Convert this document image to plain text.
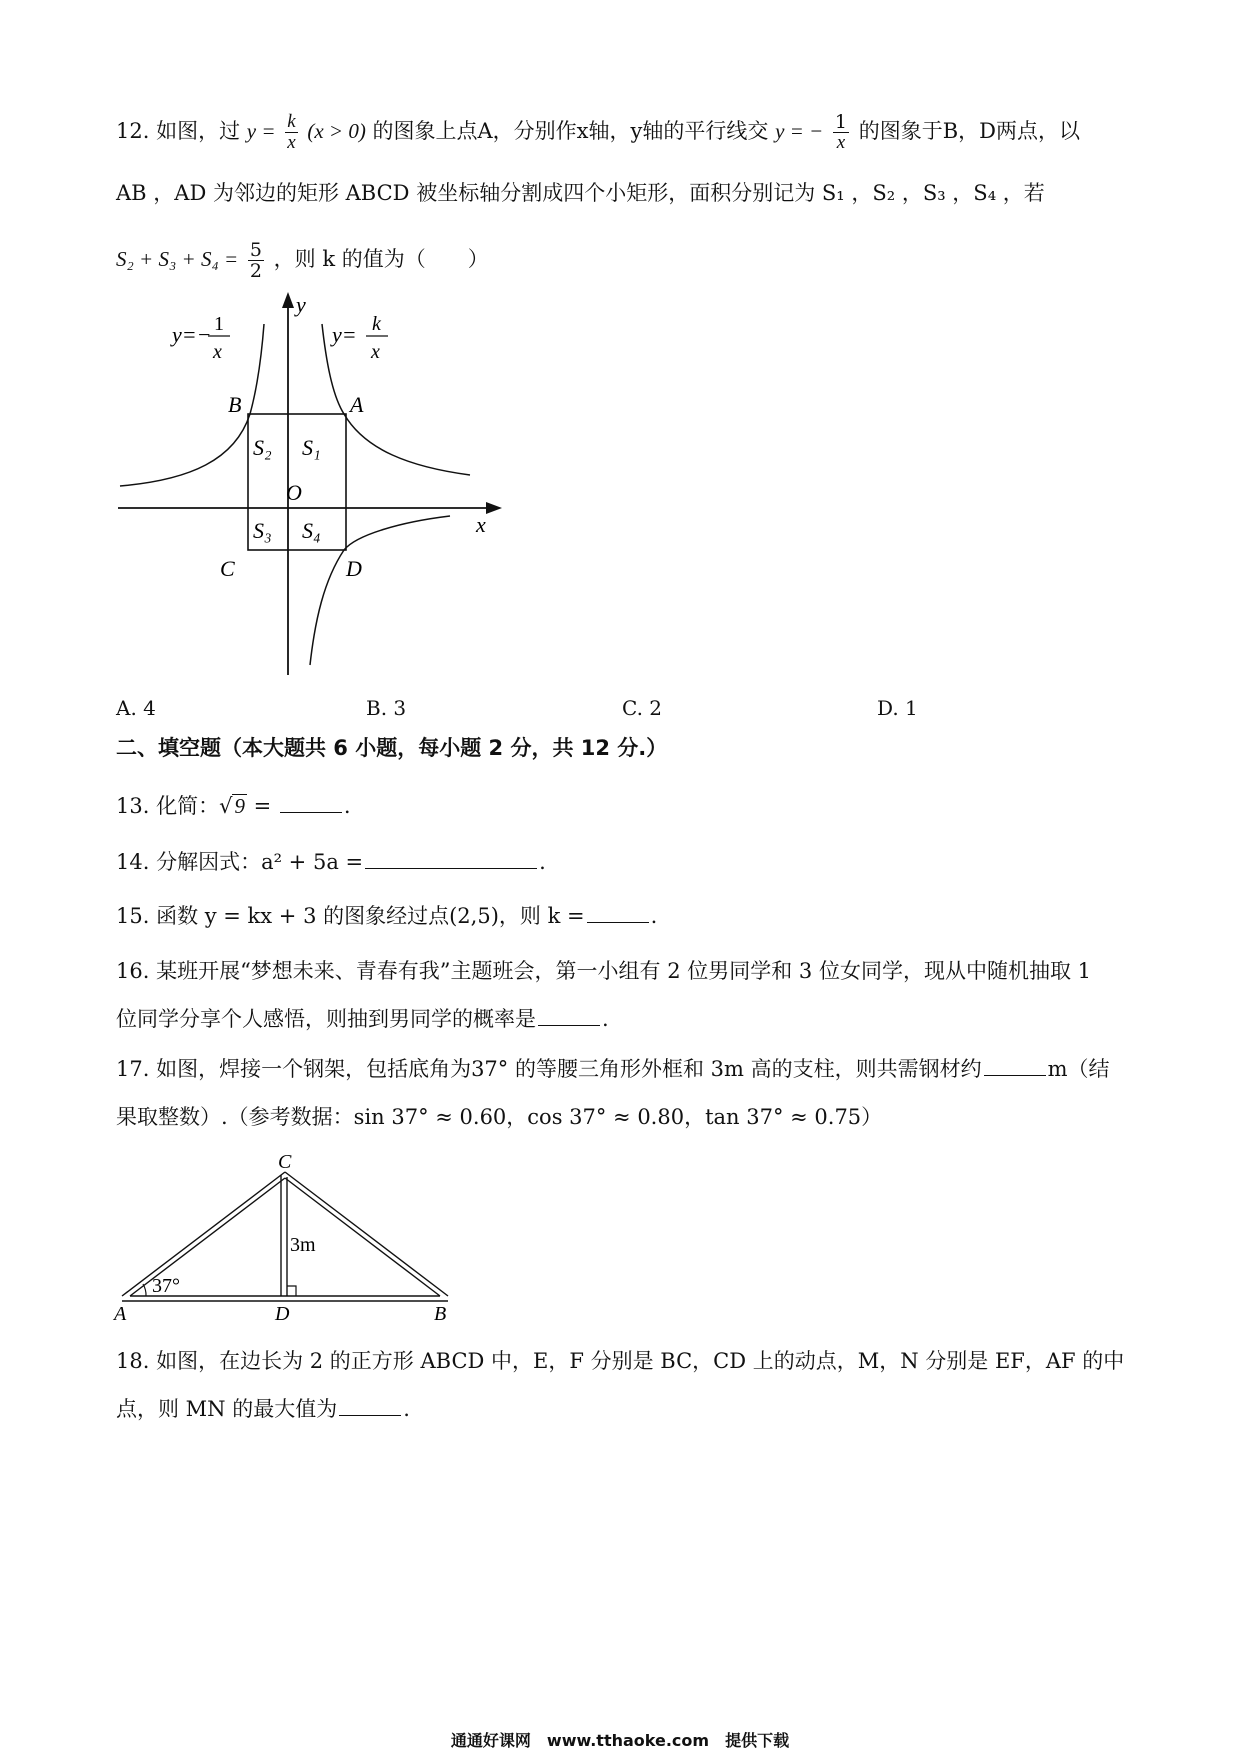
12. 如图，过 $y = \frac{k}{x} (x > 0)$ 的图象上点A，分别作x轴，y轴的平行线交 y = − $\frac{1}{x}$ 的图象于B，D两点，以
AB ，AD 为邻边的矩形 ABCD 被坐标轴分割成四个小矩形，面积分别记为 S₁ ，S₂ ，S₃ ，S₄ ，若
$S_2 + S_3 + S_4 = \frac{5}{2}$ ，则 k 的值为（　　）
y
x
O
A
B
C	D
S₂ S₁
S₃ S₄
y=− 1
x
y= k
x
A. 4	B. 3	C. 2	D. 1
二、填空题（本大题共 6 小题，每小题 2 分，共 12 分.）
13. 化简：√9 =	.
14. 分解因式：a² + 5a =	.
15. 函数 y = kx + 3 的图象经过点(2,5)，则 k =	.
16. 某班开展“梦想未来、青春有我”主题班会，第一小组有 2 位男同学和 3 位女同学，现从中随机抽取 1
位同学分享个人感悟，则抽到男同学的概率是	.
17. 如图，焊接一个钢架，包括底角为37° 的等腰三角形外框和 3m 高的支柱，则共需钢材约	m（结
果取整数）.（参考数据：sin 37° ≈ 0.60，cos 37° ≈ 0.80，tan 37° ≈ 0.75）
A	D	B
C
3m
37°
18. 如图，在边长为 2 的正方形 ABCD 中，E，F 分别是 BC，CD 上的动点，M，N 分别是 EF，AF 的中
点，则 MN 的最大值为	.
通通好课网　www.tthaoke.com　提供下载
